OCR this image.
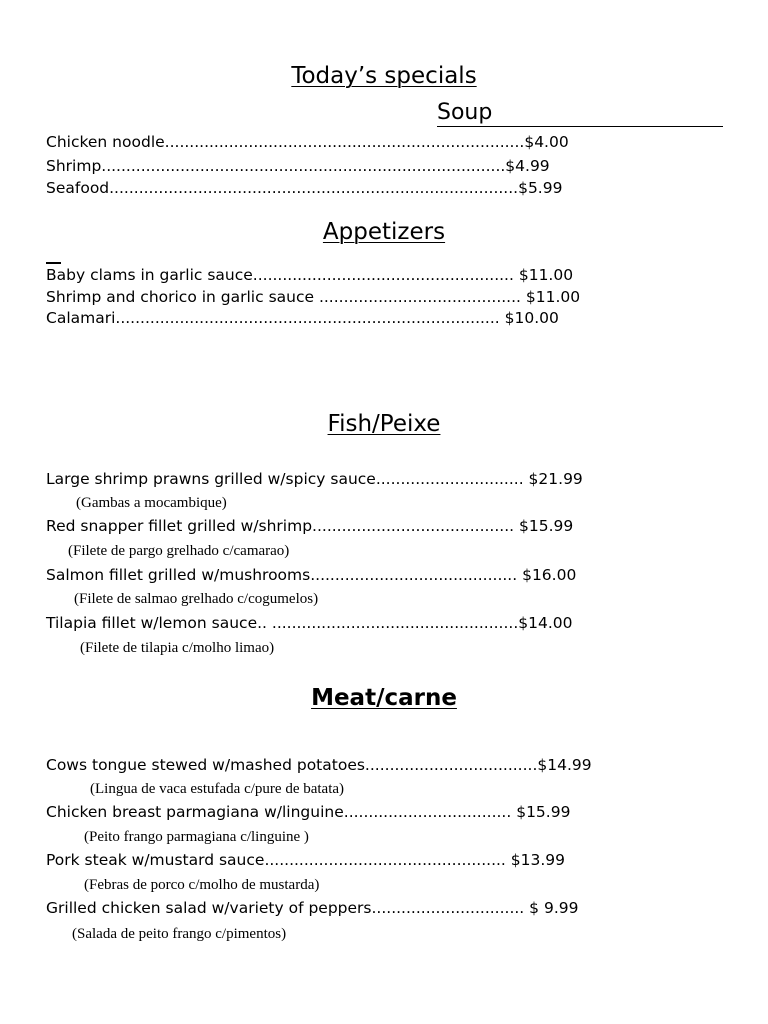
Today’s specials
Soup
Chicken noodle.........................................................................$4.00
Shrimp..................................................................................$4.99
Seafood...................................................................................$5.99
Appetizers
Baby clams in garlic sauce..................................................... $11.00
Shrimp and chorico in garlic sauce ......................................... $11.00
Calamari.............................................................................. $10.00
Fish/Peixe
Large shrimp prawns grilled w/spicy sauce.............................. $21.99
(Gambas a mocambique)
Red snapper fillet grilled w/shrimp......................................... $15.99
(Filete de pargo grelhado c/camarao)
Salmon fillet grilled w/mushrooms.......................................... $16.00
(Filete de salmao grelhado c/cogumelos)
Tilapia fillet w/lemon sauce.. ..................................................$14.00
(Filete de tilapia c/molho limao)
Meat/carne
Cows tongue stewed w/mashed potatoes...................................$14.99
(Lingua de vaca estufada c/pure de batata)
Chicken breast parmagiana w/linguine.................................. $15.99
(Peito frango parmagiana c/linguine )
Pork steak w/mustard sauce................................................. $13.99
(Febras de porco c/molho de mustarda)
Grilled chicken salad w/variety of peppers............................... $ 9.99
(Salada de peito frango c/pimentos)
